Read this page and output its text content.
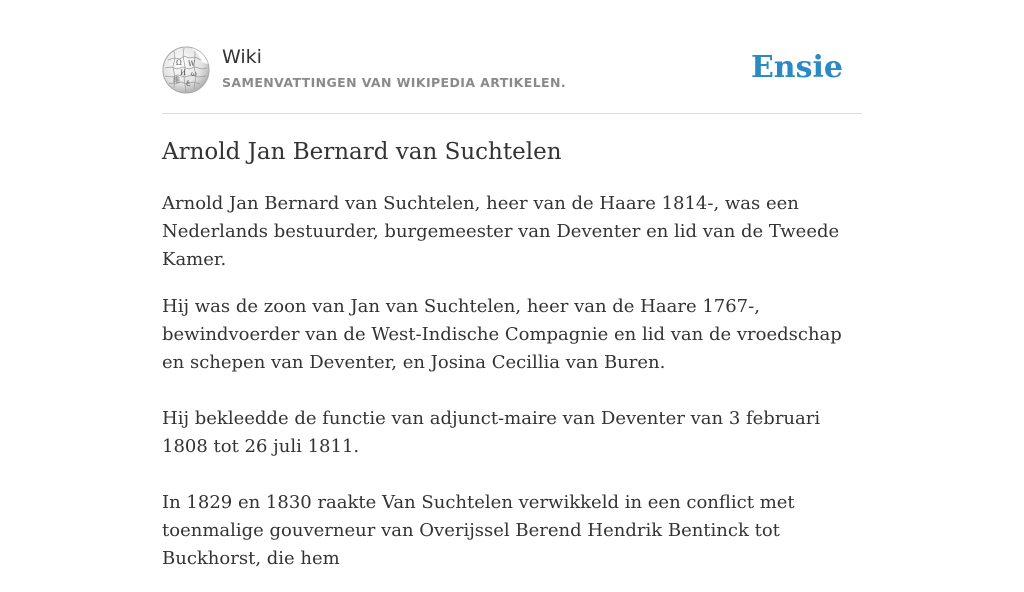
Ω W
И ω
維 ع
Wiki
SAMENVATTINGEN VAN WIKIPEDIA ARTIKELEN.	Ensie
Arnold Jan Bernard van Suchtelen

Arnold Jan Bernard van Suchtelen, heer van de Haare 1814-, was een Nederlands bestuurder, burgemeester van Deventer en lid van de Tweede Kamer.

Hij was de zoon van Jan van Suchtelen, heer van de Haare 1767-, bewindvoerder van de West-Indische Compagnie en lid van de vroedschap en schepen van Deventer, en Josina Cecillia van Buren.

Hij bekleedde de functie van adjunct-maire van Deventer van 3 februari 1808 tot 26 juli 1811.

In 1829 en 1830 raakte Van Suchtelen verwikkeld in een conflict met toenmalige gouverneur van Overijssel Berend Hendrik Bentinck tot Buckhorst, die hem
